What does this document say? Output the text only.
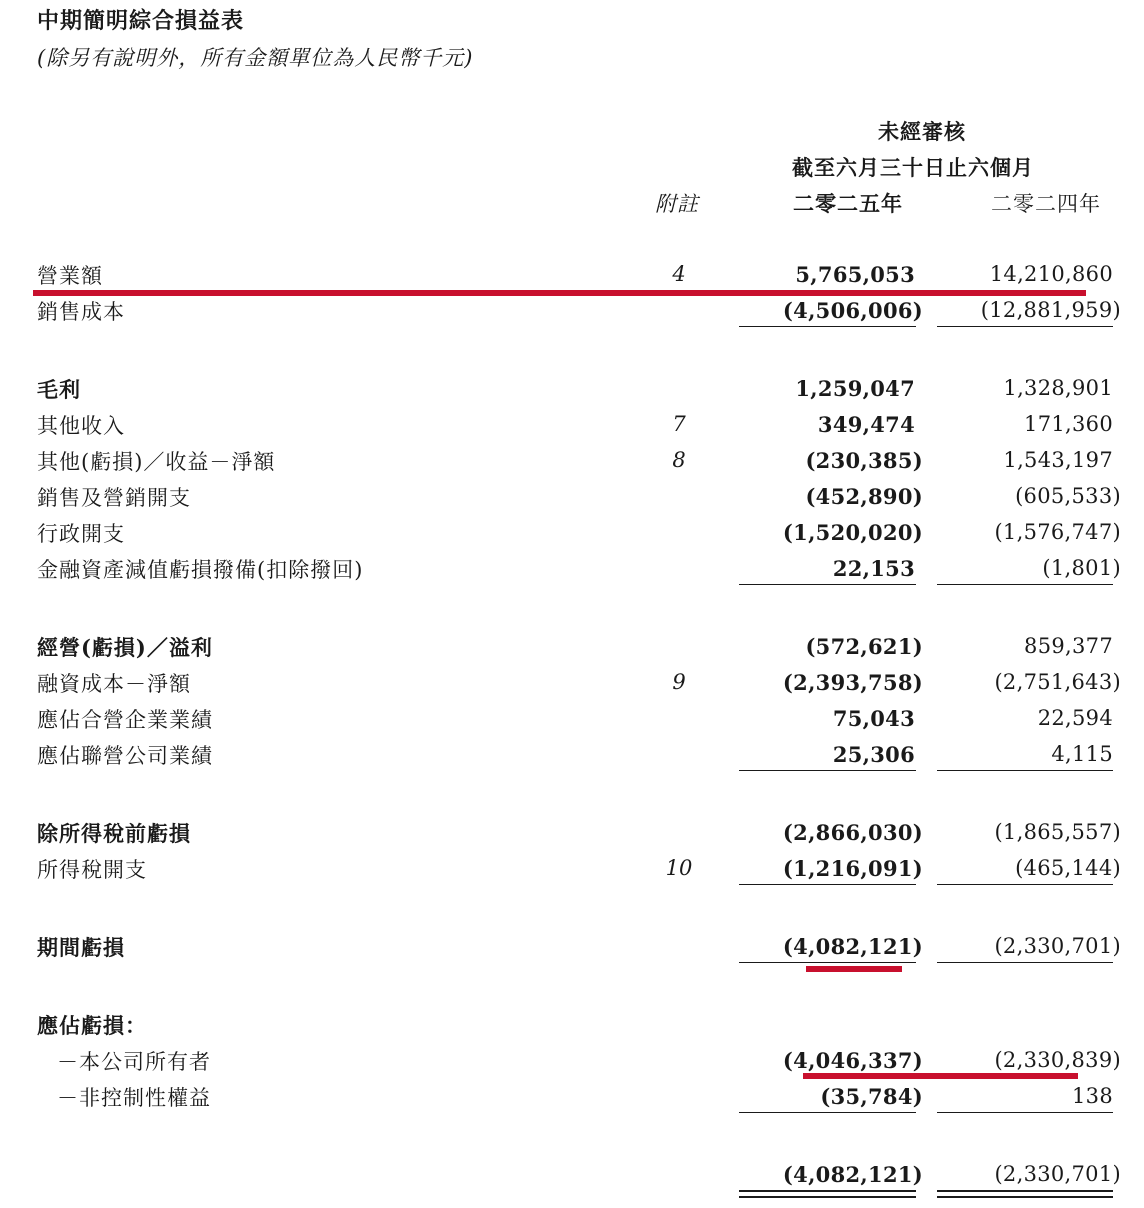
中期簡明綜合損益表
(除另有說明外，所有金額單位為人民幣千元)
未經審核
截至六月三十日止六個月
附註	二零二五年	二零二四年
營業額	4	5,765,053	14,210,860
銷售成本	(4,506,006)	(12,881,959)
毛利	1,259,047	1,328,901
其他收入	7	349,474	171,360
其他(虧損)／收益－淨額	8	(230,385)	1,543,197
銷售及營銷開支	(452,890)	(605,533)
行政開支	(1,520,020)	(1,576,747)
金融資產減值虧損撥備(扣除撥回)	22,153	(1,801)
經營(虧損)／溢利	(572,621)	859,377
融資成本－淨額	9	(2,393,758)	(2,751,643)
應佔合營企業業績	75,043	22,594
應佔聯營公司業績	25,306	4,115
除所得稅前虧損	(2,866,030)	(1,865,557)
所得稅開支	10	(1,216,091)	(465,144)
期間虧損	(4,082,121)	(2,330,701)
應佔虧損：
－本公司所有者	(4,046,337)	(2,330,839)
－非控制性權益	(35,784)	138
(4,082,121)	(2,330,701)
